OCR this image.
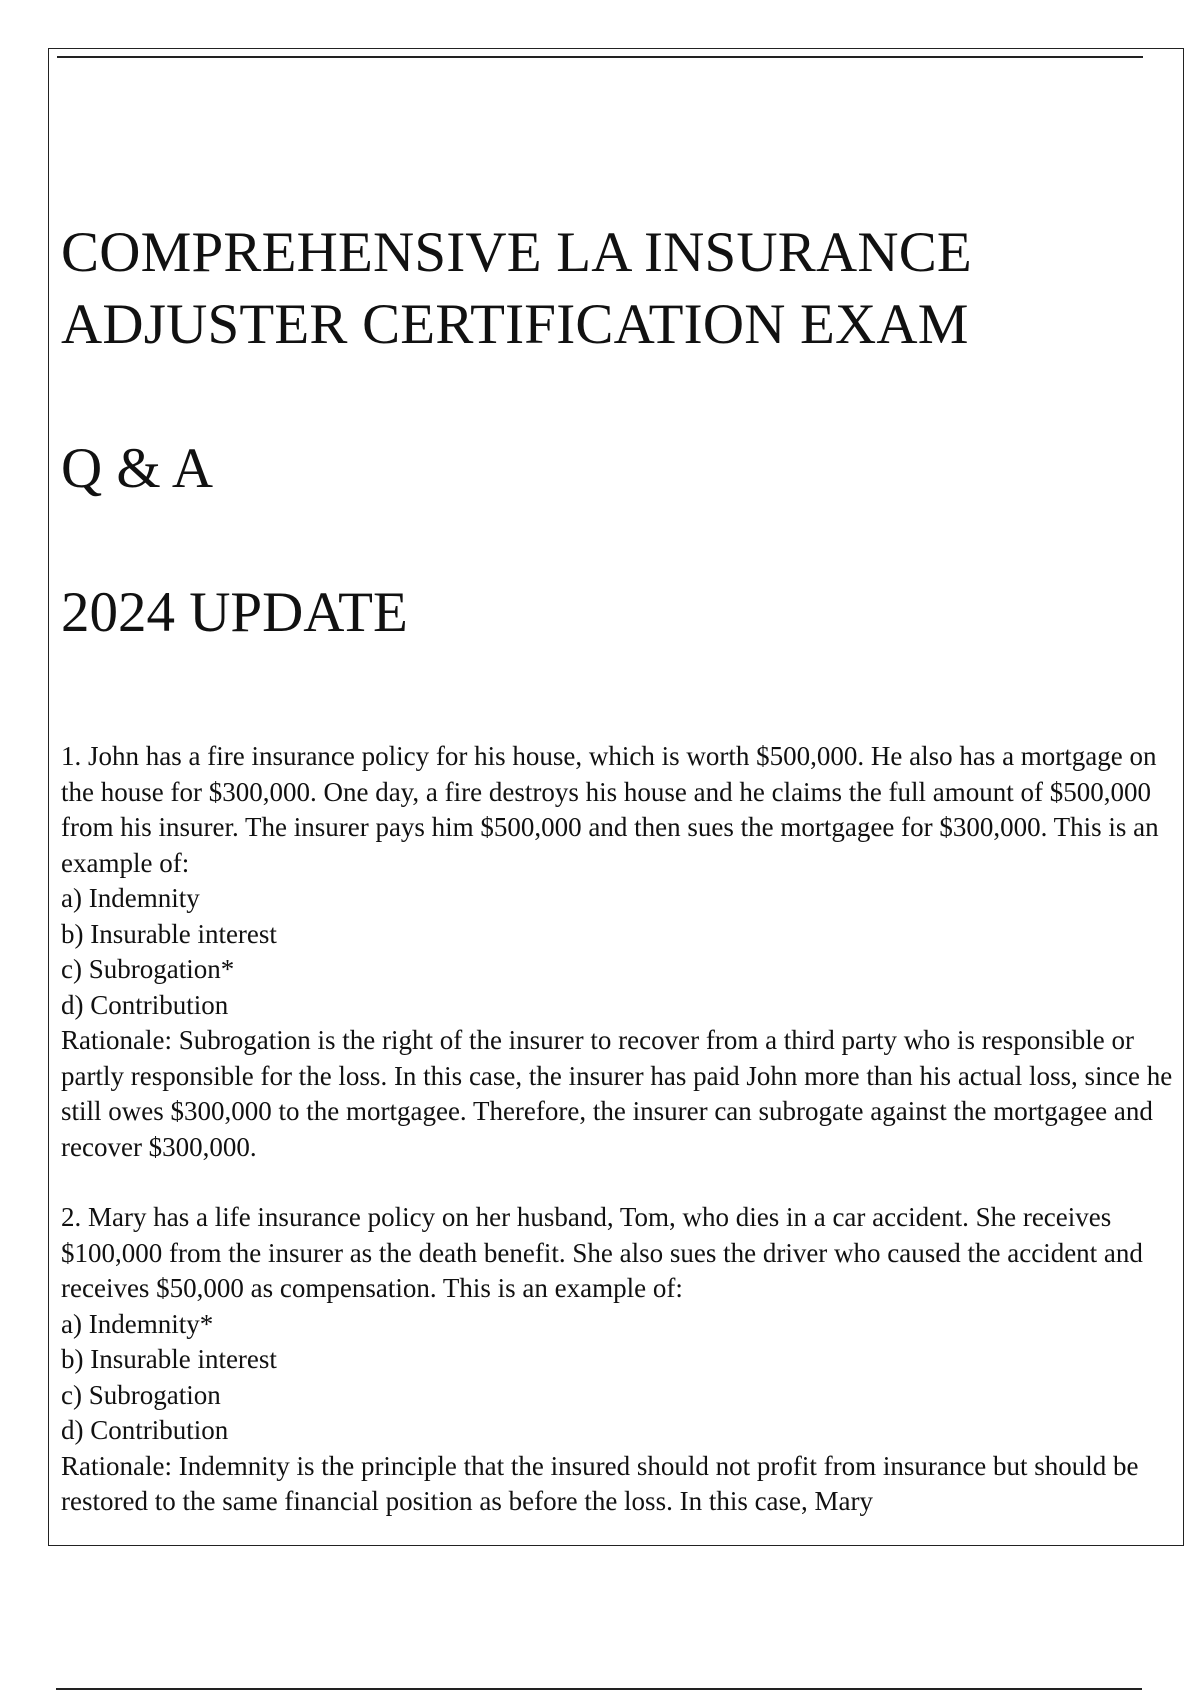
COMPREHENSIVE LA INSURANCE
ADJUSTER CERTIFICATION EXAM
Q & A
2024 UPDATE
1. John has a fire insurance policy for his house, which is worth $500,000. He also has a mortgage on the house for $300,000. One day, a fire destroys his house and he claims the full amount of $500,000 from his insurer. The insurer pays him $500,000 and then sues the mortgagee for $300,000. This is an example of:
a) Indemnity
b) Insurable interest
c) Subrogation*
d) Contribution
Rationale: Subrogation is the right of the insurer to recover from a third party who is responsible or partly responsible for the loss. In this case, the insurer has paid John more than his actual loss, since he still owes $300,000 to the mortgagee. Therefore, the insurer can subrogate against the mortgagee and recover $300,000.
2. Mary has a life insurance policy on her husband, Tom, who dies in a car accident. She receives $100,000 from the insurer as the death benefit. She also sues the driver who caused the accident and receives $50,000 as compensation. This is an example of:
a) Indemnity*
b) Insurable interest
c) Subrogation
d) Contribution
Rationale: Indemnity is the principle that the insured should not profit from insurance but should be restored to the same financial position as before the loss. In this case, Mary
